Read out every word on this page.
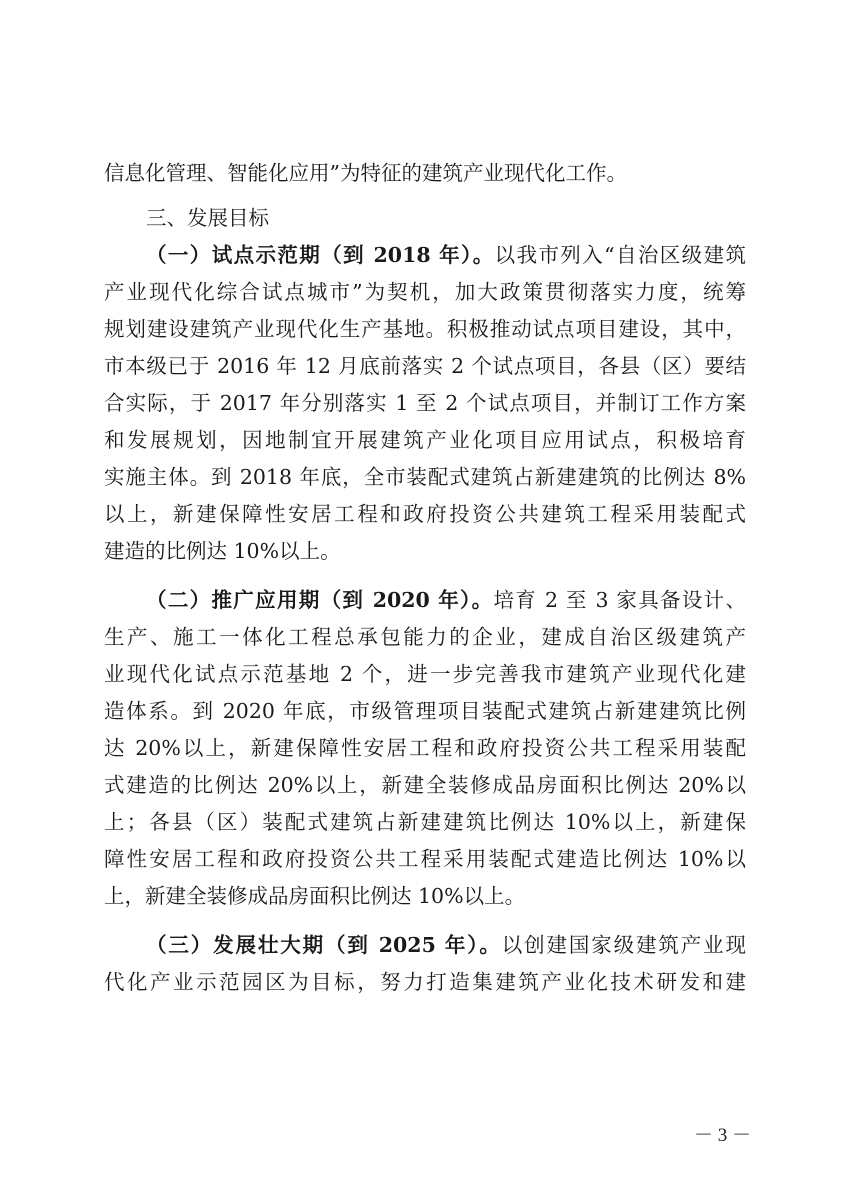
信息化管理、智能化应用”为特征的建筑产业现代化工作。
三、发展目标
（一）试点示范期（到 2018 年）。以我市列入“自治区级建筑
产业现代化综合试点城市”为契机，加大政策贯彻落实力度，统筹
规划建设建筑产业现代化生产基地。积极推动试点项目建设，其中，
市本级已于 2016 年 12 月底前落实 2 个试点项目，各县（区）要结
合实际，于 2017 年分别落实 1 至 2 个试点项目，并制订工作方案
和发展规划，因地制宜开展建筑产业化项目应用试点，积极培育
实施主体。到 2018 年底，全市装配式建筑占新建建筑的比例达 8%
以上，新建保障性安居工程和政府投资公共建筑工程采用装配式
建造的比例达 10%以上。
（二）推广应用期（到 2020 年）。培育 2 至 3 家具备设计、
生产、施工一体化工程总承包能力的企业，建成自治区级建筑产
业现代化试点示范基地 2 个，进一步完善我市建筑产业现代化建
造体系。到 2020 年底，市级管理项目装配式建筑占新建建筑比例
达 20%以上，新建保障性安居工程和政府投资公共工程采用装配
式建造的比例达 20%以上，新建全装修成品房面积比例达 20%以
上；各县（区）装配式建筑占新建建筑比例达 10%以上，新建保
障性安居工程和政府投资公共工程采用装配式建造比例达 10%以
上，新建全装修成品房面积比例达 10%以上。
（三）发展壮大期（到 2025 年）。以创建国家级建筑产业现
代化产业示范园区为目标，努力打造集建筑产业化技术研发和建
－ 3 －
